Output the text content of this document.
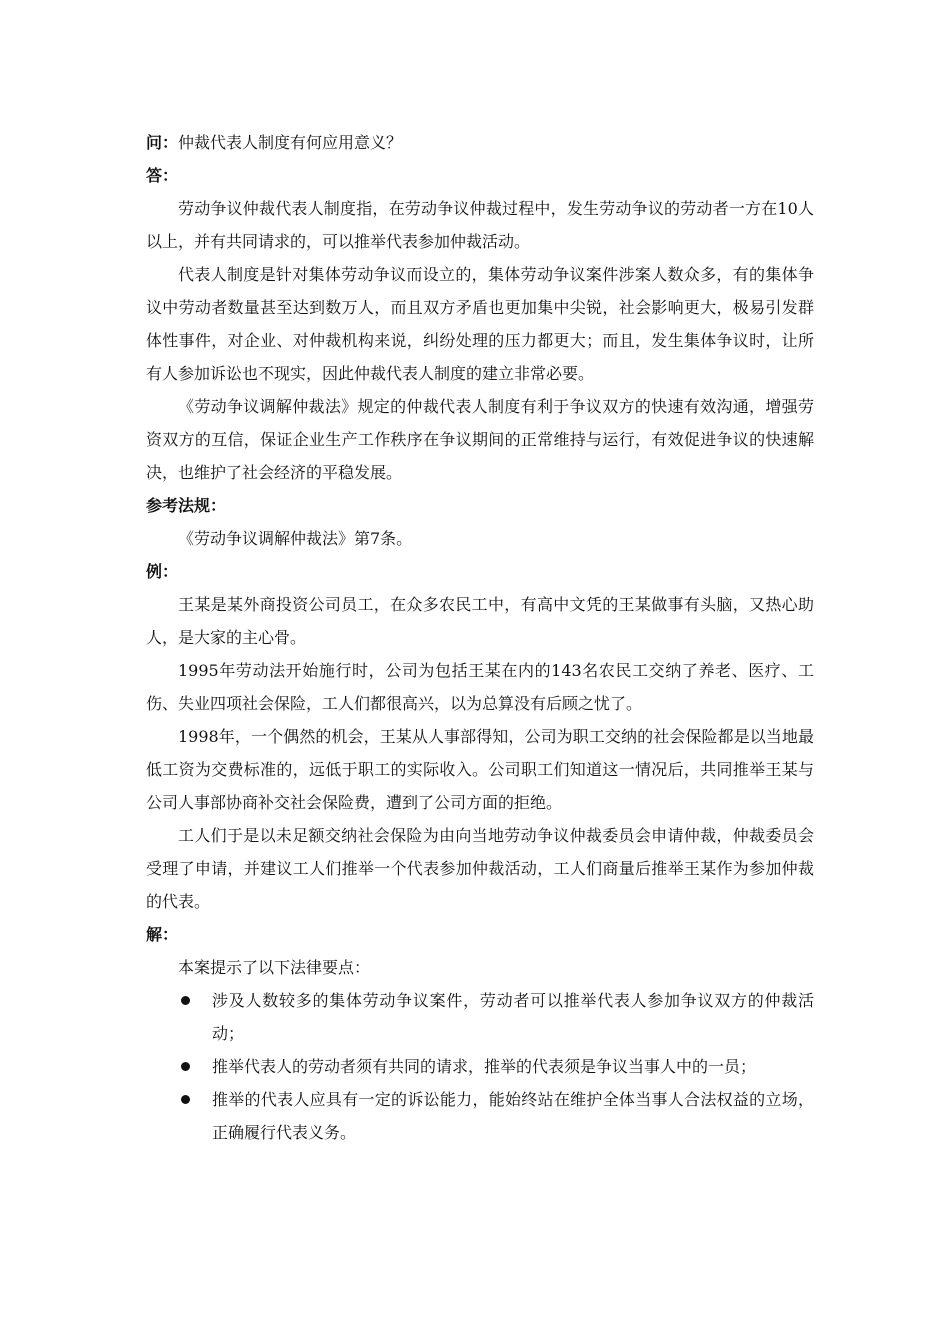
问：仲裁代表人制度有何应用意义？
答：

劳动争议仲裁代表人制度指，在劳动争议仲裁过程中，发生劳动争议的劳动者一方在10人以上，并有共同请求的，可以推举代表参加仲裁活动。

代表人制度是针对集体劳动争议而设立的，集体劳动争议案件涉案人数众多，有的集体争议中劳动者数量甚至达到数万人，而且双方矛盾也更加集中尖锐，社会影响更大，极易引发群体性事件，对企业、对仲裁机构来说，纠纷处理的压力都更大；而且，发生集体争议时，让所有人参加诉讼也不现实，因此仲裁代表人制度的建立非常必要。

《劳动争议调解仲裁法》规定的仲裁代表人制度有利于争议双方的快速有效沟通，增强劳资双方的互信，保证企业生产工作秩序在争议期间的正常维持与运行，有效促进争议的快速解决，也维护了社会经济的平稳发展。

参考法规：

《劳动争议调解仲裁法》第7条。

例：

王某是某外商投资公司员工，在众多农民工中，有高中文凭的王某做事有头脑，又热心助人，是大家的主心骨。

1995年劳动法开始施行时，公司为包括王某在内的143名农民工交纳了养老、医疗、工伤、失业四项社会保险，工人们都很高兴，以为总算没有后顾之忧了。

1998年，一个偶然的机会，王某从人事部得知，公司为职工交纳的社会保险都是以当地最低工资为交费标准的，远低于职工的实际收入。公司职工们知道这一情况后，共同推举王某与公司人事部协商补交社会保险费，遭到了公司方面的拒绝。

工人们于是以未足额交纳社会保险为由向当地劳动争议仲裁委员会申请仲裁，仲裁委员会受理了申请，并建议工人们推举一个代表参加仲裁活动，工人们商量后推举王某作为参加仲裁的代表。

解：

本案提示了以下法律要点：

涉及人数较多的集体劳动争议案件，劳动者可以推举代表人参加争议双方的仲裁活动；
推举代表人的劳动者须有共同的请求，推举的代表须是争议当事人中的一员；
推举的代表人应具有一定的诉讼能力，能始终站在维护全体当事人合法权益的立场，正确履行代表义务。
